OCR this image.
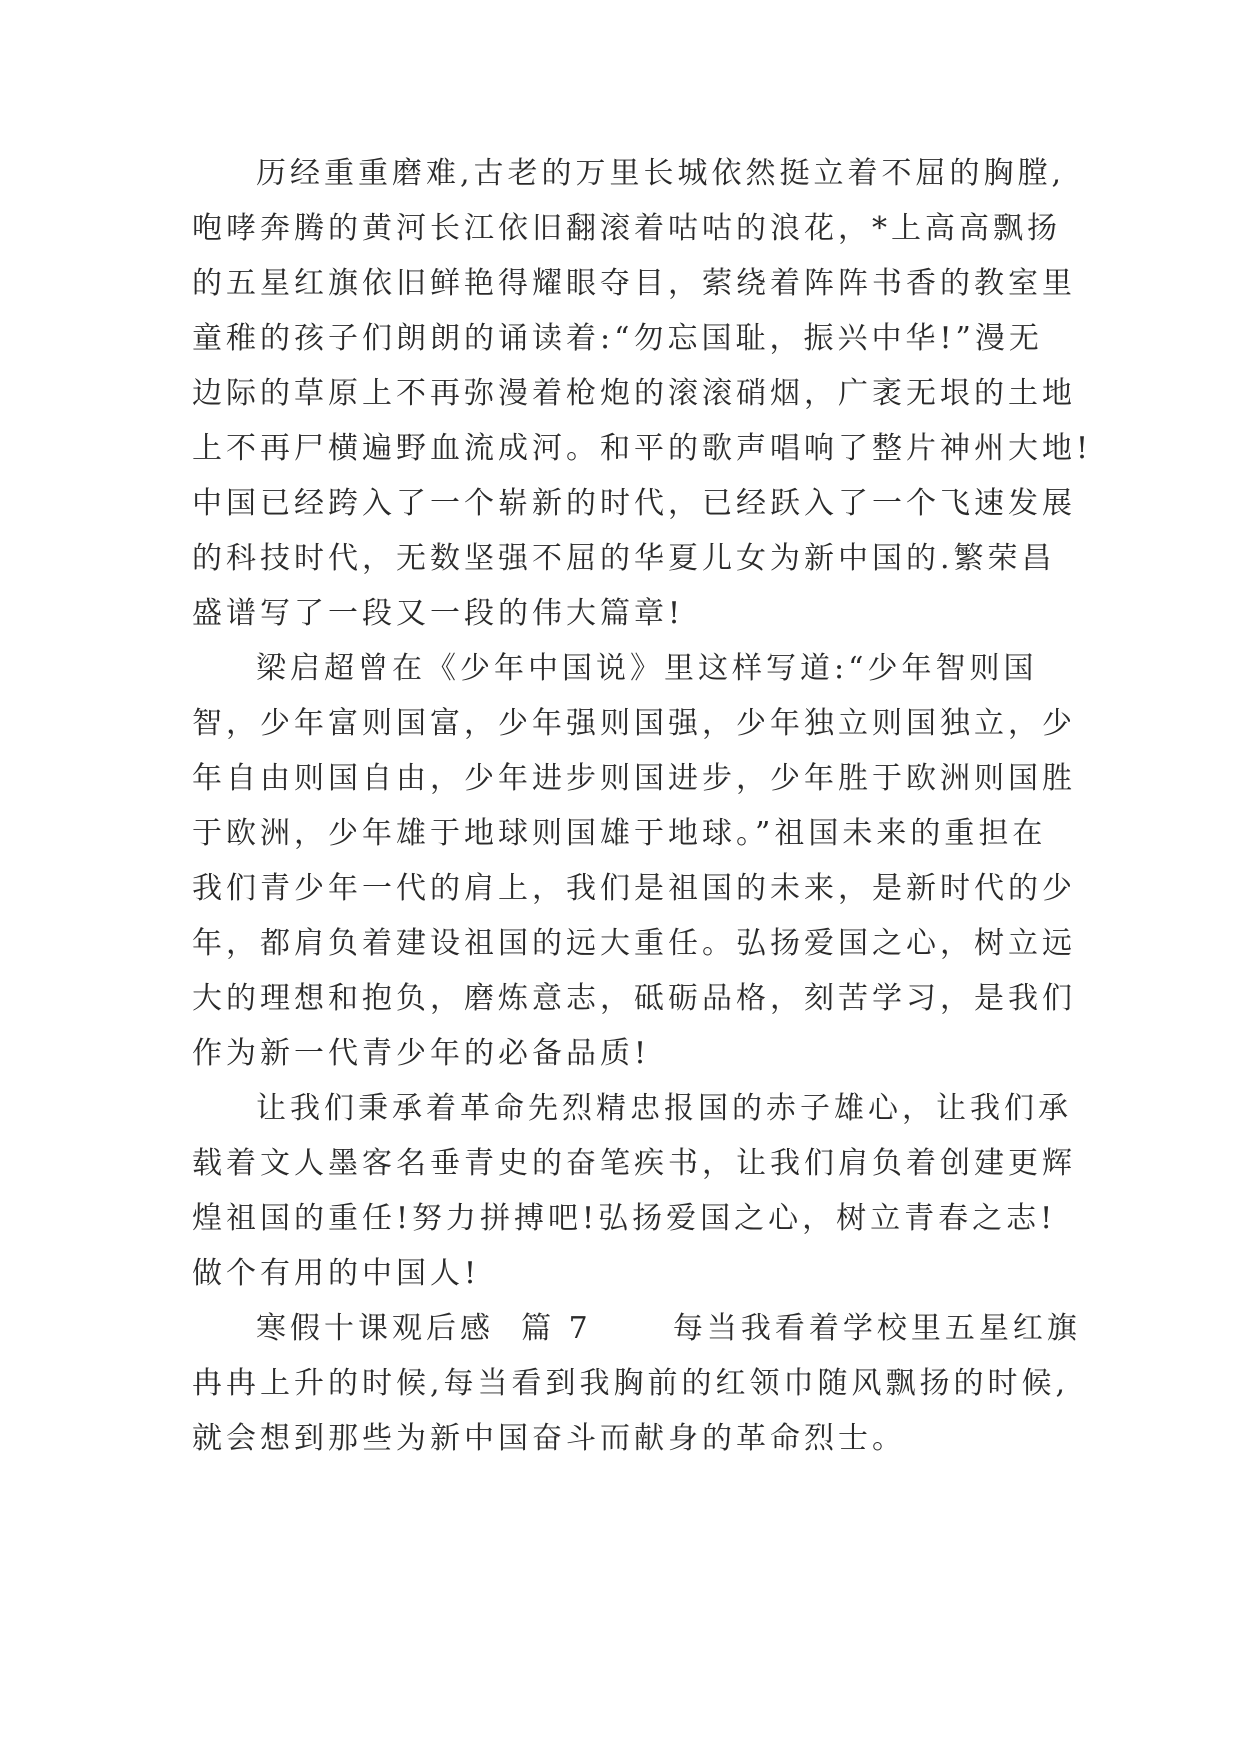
历经重重磨难,古老的万里长城依然挺立着不屈的胸膛,
咆哮奔腾的黄河长江依旧翻滚着咕咕的浪花，*上高高飘扬
的五星红旗依旧鲜艳得耀眼夺目，萦绕着阵阵书香的教室里
童稚的孩子们朗朗的诵读着:“勿忘国耻，振兴中华!”漫无
边际的草原上不再弥漫着枪炮的滚滚硝烟，广袤无垠的土地
上不再尸横遍野血流成河。和平的歌声唱响了整片神州大地!
中国已经跨入了一个崭新的时代，已经跃入了一个飞速发展
的科技时代，无数坚强不屈的华夏儿女为新中国的.繁荣昌
盛谱写了一段又一段的伟大篇章!
梁启超曾在《少年中国说》里这样写道:“少年智则国
智，少年富则国富，少年强则国强，少年独立则国独立，少
年自由则国自由，少年进步则国进步，少年胜于欧洲则国胜
于欧洲，少年雄于地球则国雄于地球。”祖国未来的重担在
我们青少年一代的肩上，我们是祖国的未来，是新时代的少
年，都肩负着建设祖国的远大重任。弘扬爱国之心，树立远
大的理想和抱负，磨炼意志，砥砺品格，刻苦学习，是我们
作为新一代青少年的必备品质!
让我们秉承着革命先烈精忠报国的赤子雄心，让我们承
载着文人墨客名垂青史的奋笔疾书，让我们肩负着创建更辉
煌祖国的重任!努力拼搏吧!弘扬爱国之心，树立青春之志!
做个有用的中国人!
寒假十课观后感  篇 7      每当我看着学校里五星红旗
冉冉上升的时候,每当看到我胸前的红领巾随风飘扬的时候,
就会想到那些为新中国奋斗而献身的革命烈士。
